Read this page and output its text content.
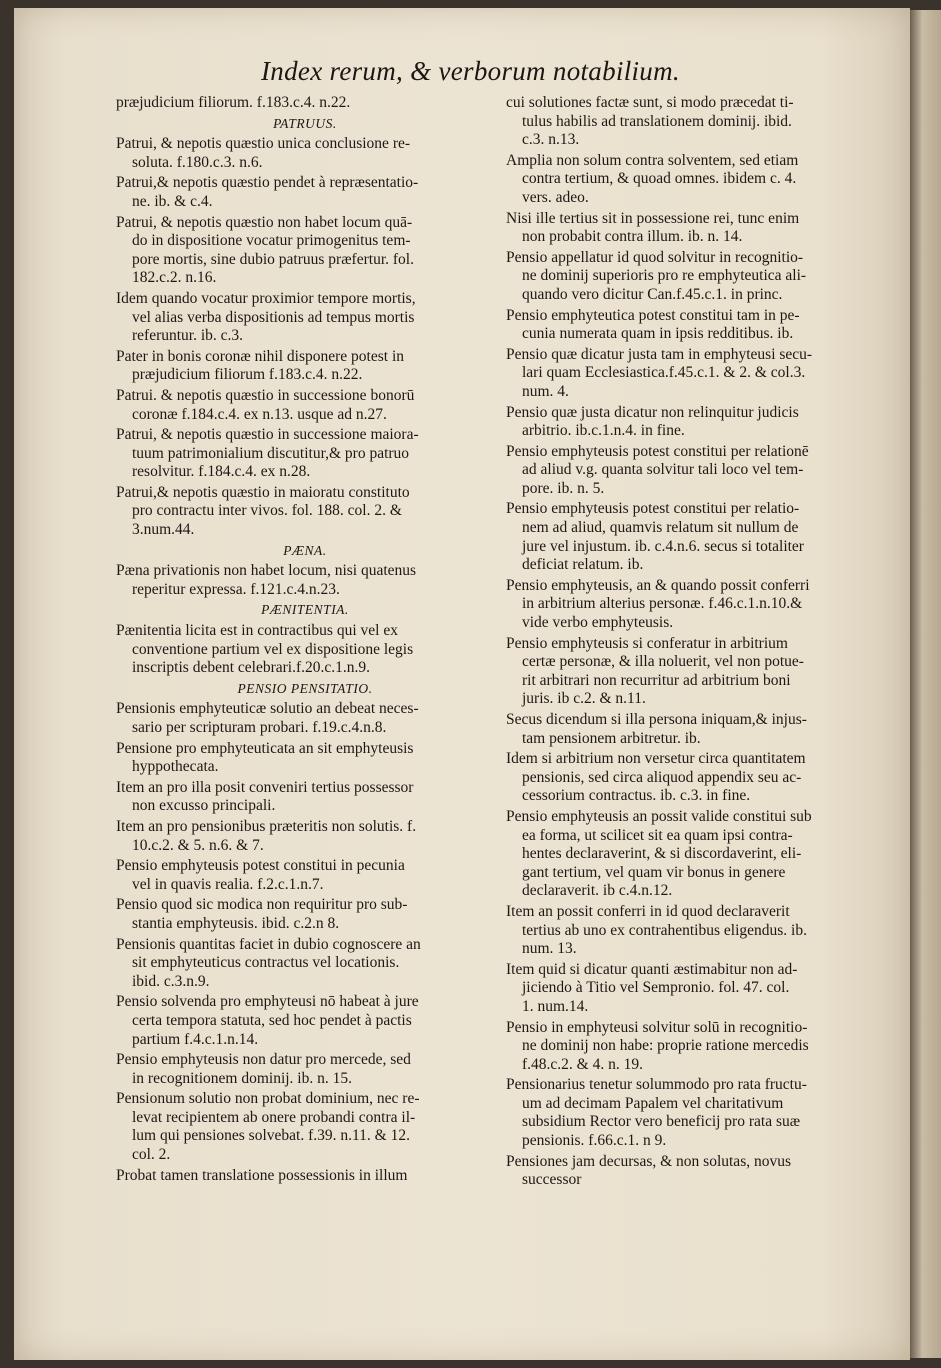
Index rerum, & verborum notabilium.
præjudicium filiorum. f.183.c.4. n.22.
PATRUUS.
Patrui, & nepotis quæstio unica conclusione re-
solutа. f.180.c.3. n.6.
Patrui,& nepotis quæstio pendet à repræsentatio-
ne. ib. & c.4.
Patrui, & nepotis quæstio non habet locum quā-
do in dispositione vocatur primogenitus tem-
pore mortis, sine dubio patruus præfertur. fol.
182.c.2. n.16.
Idem quando vocatur proximior tempore mortis,
vel alias verba dispositionis ad tempus mortis
referuntur. ib. c.3.
Pater in bonis coronæ nihil disponere potest in
præjudicium filiorum f.183.c.4. n.22.
Patrui. & nepotis quæstio in successione bonorū
coronæ f.184.c.4. ex n.13. usque ad n.27.
Patrui, & nepotis quæstio in successione maiora-
tuum patrimonialium discutitur,& pro patruo
resolvitur. f.184.c.4. ex n.28.
Patrui,& nepotis quæstio in maioratu constituto
pro contractu inter vivos. fol. 188. col. 2. &
3.num.44.
PÆNA.
Pæna privationis non habet locum, nisi quatenus
reperitur expressa. f.121.c.4.n.23.
PÆNITENTIA.
Pænitentia licita est in contractibus qui vel ex
conventione partium vel ex dispositione legis
inscriptis debent celebrari.f.20.c.1.n.9.
PENSIO PENSITATIO.
Pensionis emphyteuticæ solutio an debeat neces-
sario per scripturam probari. f.19.c.4.n.8.
Pensione pro emphyteuticata an sit emphyteusis
hyppothecata.
Item an pro illa posit conveniri tertius possessor
non excusso principali.
Item an pro pensionibus præteritis non solutis. f.
10.c.2. & 5. n.6. & 7.
Pensio emphyteusis potest constitui in pecunia
vel in quavis realia. f.2.c.1.n.7.
Pensio quod sic modica non requiritur pro sub-
stantia emphyteusis. ibid. c.2.n 8.
Pensionis quantitas faciet in dubio cognoscere an
sit emphyteuticus contractus vel locationis.
ibid. c.3.n.9.
Pensio solvenda pro emphyteusi nō habeat à jure
certa tempora statuta, sed hoc pendet à pactis
partium f.4.c.1.n.14.
Pensio emphyteusis non datur pro mercede, sed
in recognitionem dominij. ib. n. 15.
Pensionum solutio non probat dominium, nec re-
levat recipientem ab onere probandi contra il-
lum qui pensiones solvebat. f.39. n.11. & 12.
col. 2.
Probat tamen translatione possessionis in illum
cui solutiones factæ sunt, si modo præcedat ti-
tulus habilis ad translationem dominij. ibid.
c.3. n.13.
Amplia non solum contra solventem, sed etiam
contra tertium, & quoad omnes. ibidem c. 4.
vers. adeo.
Nisi ille tertius sit in possessione rei, tunc enim
non probabit contra illum. ib. n. 14.
Pensio appellatur id quod solvitur in recognitio-
ne dominij superioris pro re emphyteutica ali-
quando vero dicitur Can.f.45.c.1. in princ.
Pensio emphyteutica potest constitui tam in pe-
cunia numerata quam in ipsis redditibus. ib.
Pensio quæ dicatur justa tam in emphyteusi secu-
lari quam Ecclesiastica.f.45.c.1. & 2. & col.3.
num. 4.
Pensio quæ justa dicatur non relinquitur judicis
arbitrio. ib.c.1.n.4. in fine.
Pensio emphyteusis potest constitui per relationē
ad aliud v.g. quanta solvitur tali loco vel tem-
pore. ib. n. 5.
Pensio emphyteusis potest constitui per relatio-
nem ad aliud, quamvis relatum sit nullum de
jure vel injustum. ib. c.4.n.6. secus si totaliter
deficiat relatum. ib.
Pensio emphyteusis, an & quando possit conferri
in arbitrium alterius personæ. f.46.c.1.n.10.&
vide verbo emphyteusis.
Pensio emphyteusis si conferatur in arbitrium
certæ personæ, & illa noluerit, vel non potue-
rit arbitrari non recurritur ad arbitrium boni
juris. ib c.2. & n.11.
Secus dicendum si illa persona iniquam,& injus-
tam pensionem arbitretur. ib.
Idem si arbitrium non versetur circa quantitatem
pensionis, sed circa aliquod appendix seu ac-
cessorium contractus. ib. c.3. in fine.
Pensio emphyteusis an possit valide constitui sub
ea forma, ut scilicet sit ea quam ipsi contra-
hentes declaraverint, & si discordaverint, eli-
gant tertium, vel quam vir bonus in genere
declaraverit. ib c.4.n.12.
Item an possit conferri in id quod declaraverit
tertius ab uno ex contrahentibus eligendus. ib.
num. 13.
Item quid si dicatur quanti æstimabitur non ad-
jiciendo à Titio vel Sempronio. fol. 47. col.
1. num.14.
Pensio in emphyteusi solvitur solū in recognitio-
ne dominij non habe: proprie ratione mercedis
f.48.c.2. & 4. n. 19.
Pensionarius tenetur solummodo pro rata fructu-
um ad decimam Papalem vel charitativum
subsidium Rector vero beneficij pro rata suæ
pensionis. f.66.c.1. n 9.
Pensiones jam decursas, & non solutas, novus
successor
